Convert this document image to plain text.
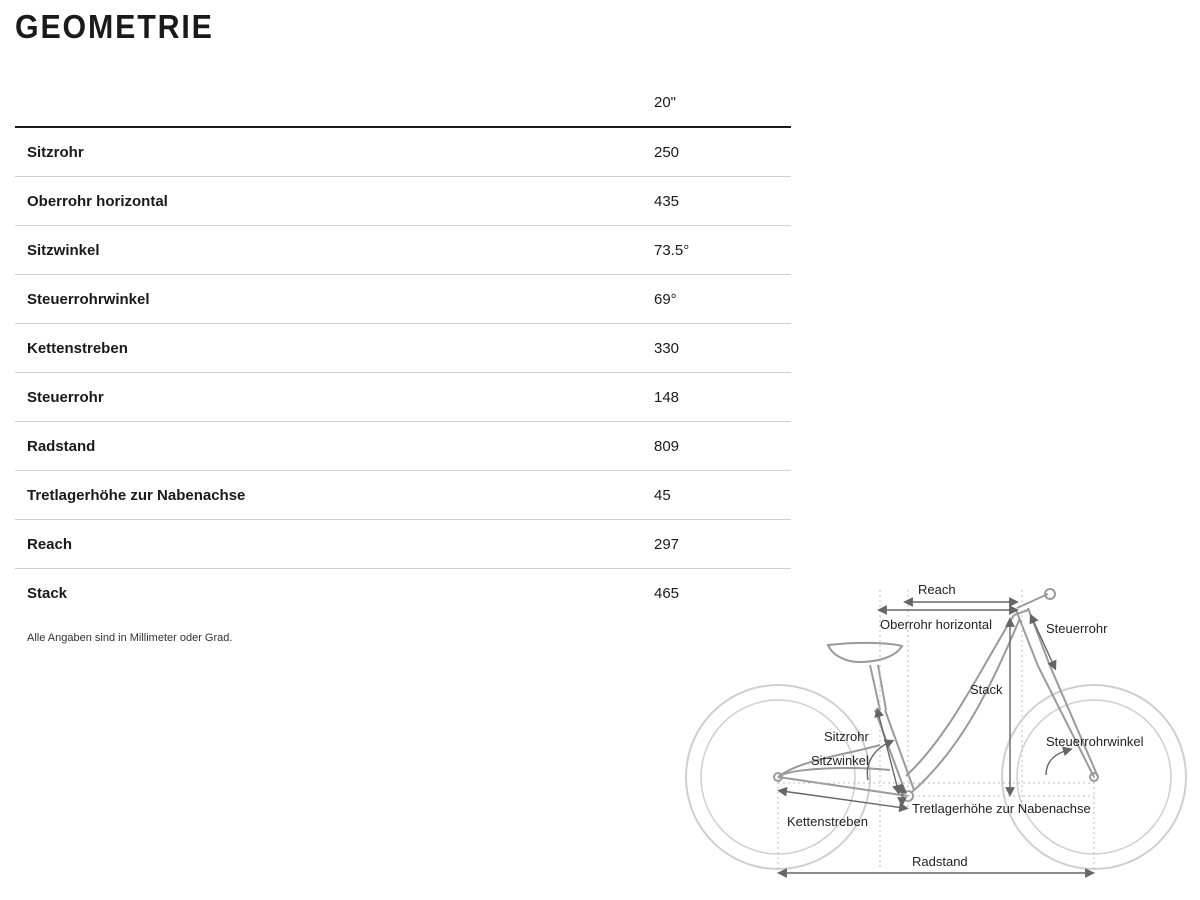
GEOMETRIE
	20"
Sitzrohr	250
Oberrohr horizontal	435
Sitzwinkel	73.5°
Steuerrohrwinkel	69°
Kettenstreben	330
Steuerrohr	148
Radstand	809
Tretlagerhöhe zur Nabenachse	45
Reach	297
Stack	465
Alle Angaben sind in Millimeter oder Grad.
Reach
Oberrohr horizontal	Steuerrohr
Stack
Sitzrohr
Sitzwinkel
Steuerrohrwinkel
Tretlagerhöhe zur Nabenachse
Kettenstreben
Radstand
